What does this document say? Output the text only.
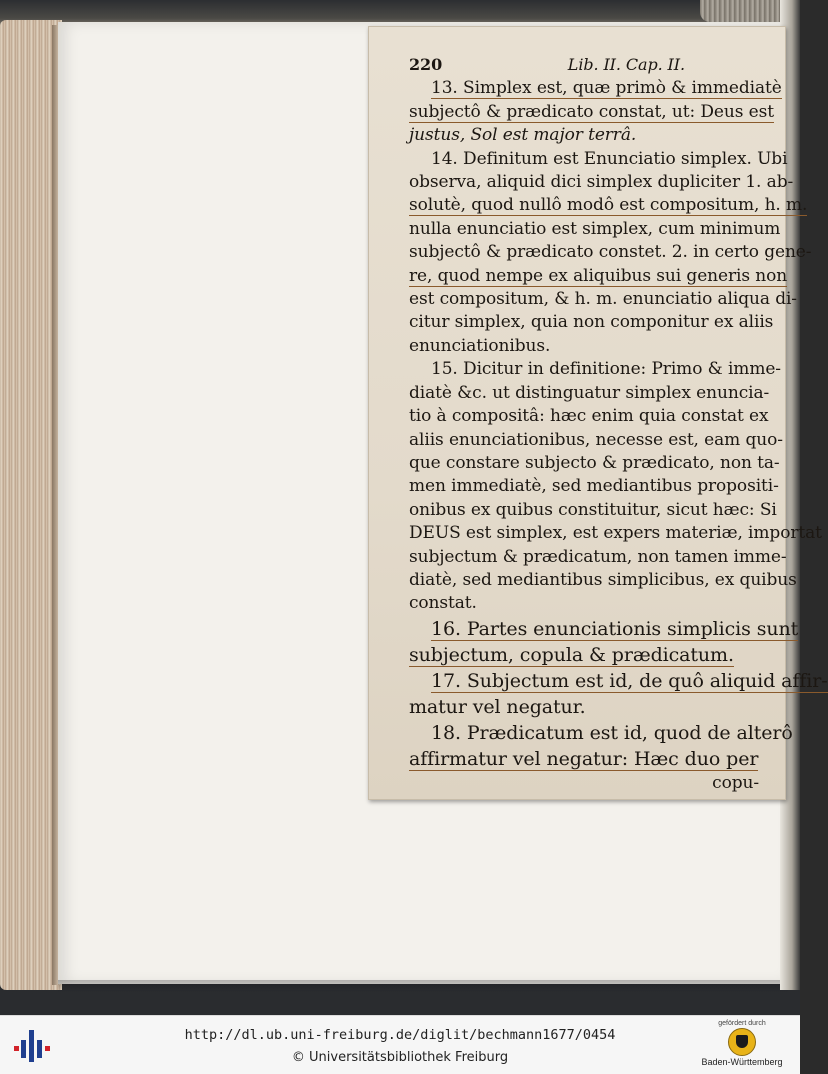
220	Lib. II. Cap. II.
13. Simplex est, quæ primò & immediatè
subjectô & prædicato constat, ut: Deus est
justus, Sol est major terrâ.
14. Definitum est Enunciatio simplex. Ubi
observa, aliquid dici simplex dupliciter 1. ab-
solutè, quod nullô modô est compositum, h. m.
nulla enunciatio est simplex, cum minimum
subjectô & prædicato constet. 2. in certo gene-
re, quod nempe ex aliquibus sui generis non
est compositum, & h. m. enunciatio aliqua di-
citur simplex, quia non componitur ex aliis
enunciationibus.
15. Dicitur in definitione: Primo & imme-
diatè &c. ut distinguatur simplex enuncia-
tio à compositâ: hæc enim quia constat ex
aliis enunciationibus, necesse est, eam quo-
que constare subjecto & prædicato, non ta-
men immediatè, sed mediantibus propositi-
onibus ex quibus constituitur, sicut hæc: Si
DEUS est simplex, est expers materiæ, importat
subjectum & prædicatum, non tamen imme-
diatè, sed mediantibus simplicibus, ex quibus
constat.
16. Partes enunciationis simplicis sunt
subjectum, copula & prædicatum.
17. Subjectum est id, de quô aliquid affir-
matur vel negatur.
18. Prædicatum est id, quod de alterô
affirmatur vel negatur: Hæc duo per
copu-
http://dl.ub.uni-freiburg.de/diglit/bechmann1677/0454
© Universitätsbibliothek Freiburg
gefördert durch
Baden-Württemberg
